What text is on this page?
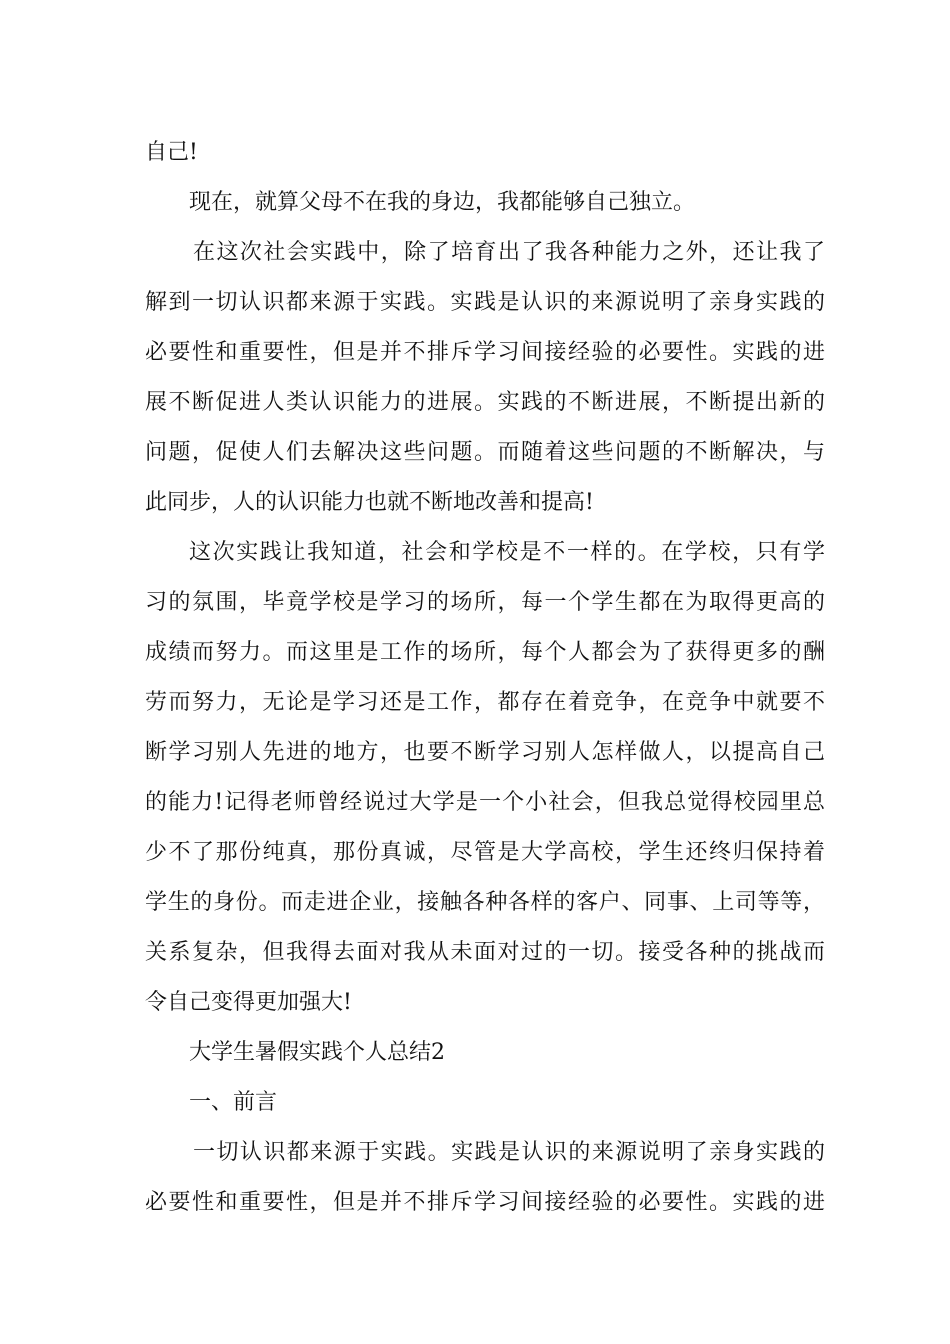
自己!
现在，就算父母不在我的身边，我都能够自己独立。
在这次社会实践中，除了培育出了我各种能力之外，还让我了
解到一切认识都来源于实践。实践是认识的来源说明了亲身实践的
必要性和重要性，但是并不排斥学习间接经验的必要性。实践的进
展不断促进人类认识能力的进展。实践的不断进展，不断提出新的
问题，促使人们去解决这些问题。而随着这些问题的不断解决，与
此同步，人的认识能力也就不断地改善和提高!
这次实践让我知道，社会和学校是不一样的。在学校，只有学
习的氛围，毕竟学校是学习的场所，每一个学生都在为取得更高的
成绩而努力。而这里是工作的场所，每个人都会为了获得更多的酬
劳而努力，无论是学习还是工作，都存在着竞争，在竞争中就要不
断学习别人先进的地方，也要不断学习别人怎样做人，以提高自己
的能力!记得老师曾经说过大学是一个小社会，但我总觉得校园里总
少不了那份纯真，那份真诚，尽管是大学高校，学生还终归保持着
学生的身份。而走进企业，接触各种各样的客户、同事、上司等等，
关系复杂，但我得去面对我从未面对过的一切。接受各种的挑战而
令自己变得更加强大!
大学生暑假实践个人总结2
一、前言
一切认识都来源于实践。实践是认识的来源说明了亲身实践的
必要性和重要性，但是并不排斥学习间接经验的必要性。实践的进
